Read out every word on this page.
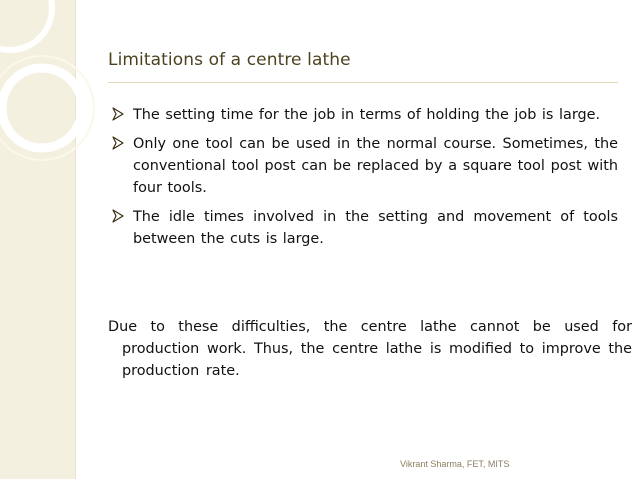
Limitations of a centre lathe
The setting time for the job in terms of holding the job is large.
Only one tool can be used in the normal course. Sometimes, the conventional tool post can be replaced by a square tool post with four tools.
The idle times involved in the setting and movement of tools between the cuts is large.
Due to these difficulties, the centre lathe cannot be used for production work. Thus, the centre lathe is modified to improve the production rate.
Vikrant Sharma, FET, MITS
